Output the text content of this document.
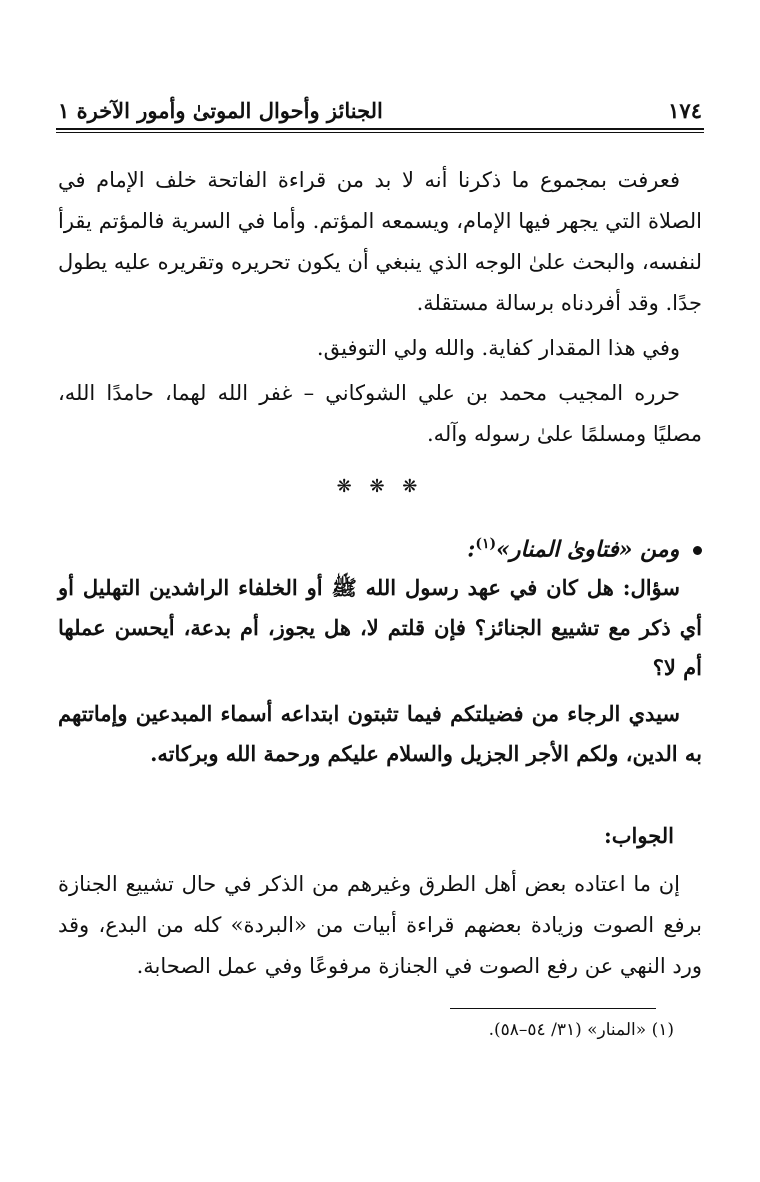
١٧٤
الجنائز وأحوال الموتىٰ وأمور الآخرة ١

فعرفت بمجموع ما ذكرنا أنه لا بد من قراءة الفاتحة خلف الإمام في الصلاة التي يجهر فيها الإمام، ويسمعه المؤتم. وأما في السرية فالمؤتم يقرأ لنفسه، والبحث علىٰ الوجه الذي ينبغي أن يكون تحريره وتقريره عليه يطول جدًا. وقد أفردناه برسالة مستقلة.

وفي هذا المقدار كفاية. والله ولي التوفيق.

حرره المجيب محمد بن علي الشوكاني – غفر الله لهما، حامدًا الله، مصليًا ومسلمًا علىٰ رسوله وآله.

❋ ❋ ❋
ومن «فتاوىٰ المنار»$^{(١)}$:

سؤال: هل كان في عهد رسول الله ﷺ أو الخلفاء الراشدين التهليل أو أي ذكر مع تشييع الجنائز؟ فإن قلتم لا، هل يجوز، أم بدعة، أيحسن عملها أم لا؟

سيدي الرجاء من فضيلتكم فيما تثبتون ابتداعه أسماء المبدعين وإماتتهم به الدين، ولكم الأجر الجزيل والسلام عليكم ورحمة الله وبركاته.

الجواب:

إن ما اعتاده بعض أهل الطرق وغيرهم من الذكر في حال تشييع الجنازة برفع الصوت وزيادة بعضهم قراءة أبيات من «البردة» كله من البدع، وقد ورد النهي عن رفع الصوت في الجنازة مرفوعًا وفي عمل الصحابة.

(١) «المنار» (٣١/ ٥٤–٥٨).
